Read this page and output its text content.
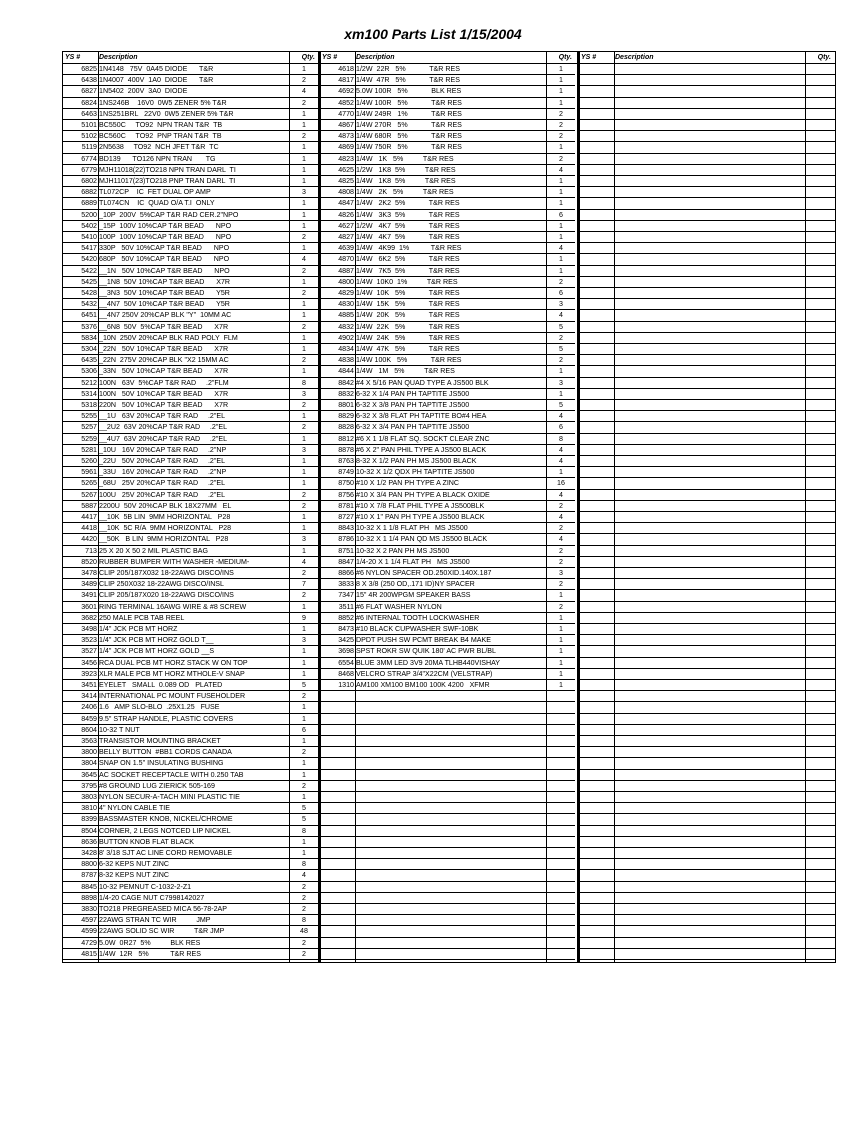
xm100 Parts List 1/15/2004
YS #	Description	Qty.
6825 1N4148   75V  0A45 DIODE      T&R	1
6438 1N4007  400V  1A0  DIODE      T&R	2
6827 1N5402  200V  3A0  DIODE	4
6824 1NS246B    16V0  0W5 ZENER 5% T&R	2
6463 1NS251BRL   22V0  0W5 ZENER 5% T&R	1
5101 BC550C     TO92  NPN TRAN T&R  TB	1
5102 BC560C     TO92  PNP TRAN T&R  TB	2
5119 2N5638     TO92  NCH JFET T&R  TC	1
6774 BD139      TO126 NPN TRAN       TG	1
6779 MJH11018(22)TO218 NPN TRAN DARL  TI	1
6802 MJH11017(23)TO218 PNP TRAN DARL  TI	1
6882 TL072CP    IC  FET DUAL OP AMP	3
6889 TL074CN    IC  QUAD O/A T.I  ONLY	1
5200 _10P  200V  5%CAP T&R RAD CER.2"NPO	1
5402 _15P  100V 10%CAP T&R BEAD      NPO	1
5410 100P  100V 10%CAP T&R BEAD      NPO	2
5417 330P   50V 10%CAP T&R BEAD      NPO	1
5420 680P   50V 10%CAP T&R BEAD      NPO	4
5422 __1N   50V 10%CAP T&R BEAD      NPO	2
5425 __1N8  50V 10%CAP T&R BEAD      X7R	1
5428 __3N3  50V 10%CAP T&R BEAD      Y5R	2
5432 __4N7  50V 10%CAP T&R BEAD      Y5R	1
6451 __4N7 250V 20%CAP BLK "Y"  10MM AC	1
5376 __6N8  50V  5%CAP T&R BEAD      X7R	2
5834 _10N  250V 20%CAP BLK RAD POLY  FLM	1
5304 _22N   50V 10%CAP T&R BEAD      X7R	1
6435 _22N  275V 20%CAP BLK "X2 15MM AC	2
5306 _33N   50V 10%CAP T&R BEAD      X7R	1
5212 100N   63V  5%CAP T&R RAD     .2"FLM	8
5314 100N   50V 10%CAP T&R BEAD      X7R	3
5318 220N   50V 10%CAP T&R BEAD      X7R	2
5255 __1U   63V 20%CAP T&R RAD     .2"EL	1
5257 __2U2  63V 20%CAP T&R RAD     .2"EL	2
5259 __4U7  63V 20%CAP T&R RAD     .2"EL	1
5281 _10U   16V 20%CAP T&R RAD     .2"NP	3
5260 _22U   50V 20%CAP T&R RAD     .2"EL	1
5961 _33U   16V 20%CAP T&R RAD     .2"NP	1
5265 _68U   25V 20%CAP T&R RAD     .2"EL	1
5267 100U   25V 20%CAP T&R RAD     .2"EL	2
5887 2200U  50V 20%CAP BLK 18X27MM   EL	2
4417 __10K  5B LIN  9MM HORIZONTAL   P28	1
4418 __10K  5C R/A  9MM HORIZONTAL   P28	1
4420 __50K   B LIN  9MM HORIZONTAL   P28	3
713 25 X 20 X 50 2 MIL PLASTIC BAG	1
8520 RUBBER BUMPER WITH WASHER -MEDIUM-	4
3478 CLIP 205/187X032 18-22AWG DISCO/INS	2
3489 CLIP 250X032 18-22AWG DISCO/INSL	7
3491 CLIP 205/187X020 18-22AWG DISCO/INS	2
3601 RING TERMINAL 16AWG WIRE & #8 SCREW	1
3682 250 MALE PCB TAB REEL	9
3498 1/4" JCK PCB MT HORZ	1
3523 1/4" JCK PCB MT HORZ GOLD T__	3
3527 1/4" JCK PCB MT HORZ GOLD __S	1
3456 RCA DUAL PCB MT HORZ STACK W ON TOP	1
3923 XLR MALE PCB MT HORZ MTHOLE-V SNAP	1
3451 EYELET   SMALL  0.089 OD   PLATED	5
3414 INTERNATIONAL PC MOUNT FUSEHOLDER	2
2406 1.6   AMP SLO-BLO  .25X1.25   FUSE	1
8459 9.5" STRAP HANDLE, PLASTIC COVERS	1
8604 10-32 T NUT	6
3563 TRANSISTOR MOUNTING BRACKET	1
3800 BELLY BUTTON  #BB1 CORDS CANADA	2
3804 SNAP ON 1.5" INSULATING BUSHING	1
3645 AC SOCKET RECEPTACLE WITH 0.250 TAB	1
3795 #8 GROUND LUG ZIERICK 505-169	2
3803 NYLON SECUR-A-TACH MINI PLASTIC TIE	1
3810 4" NYLON CABLE TIE	5
8399 BASSMASTER KNOB, NICKEL/CHROME	5
8504 CORNER, 2 LEGS NOTCED LIP NICKEL	8
8636 BUTTON KNOB FLAT BLACK	1
3428 8' 3/18 SJT AC LINE CORD REMOVABLE	1
8800 6-32 KEPS NUT ZINC	8
8787 8-32 KEPS NUT ZINC	4
8845 10-32 PEMNUT C-1032-2-Z1	2
8898 1/4-20 CAGE NUT C7998142027	2
3830 TO218 PREGREASED MICA 56-78-2AP	2
4597 22AWG STRAN TC WIR          JMP	8
4599 22AWG SOLID SC WIR          T&R JMP	48
4729 5.0W  0R27  5%          BLK RES	2
4815 1/4W  12R   5%           T&R RES	2
YS #	Description	Qty.
4618 1/2W  22R   5%            T&R RES	1
4817 1/4W  47R   5%            T&R RES	1
4692 5.0W 100R   5%            BLK RES	1
4852 1/4W 100R   5%            T&R RES	1
4770 1/4W 249R   1%            T&R RES	2
4867 1/4W 270R   5%            T&R RES	2
4873 1/4W 680R   5%            T&R RES	2
4869 1/4W 750R   5%            T&R RES	1
4823 1/4W   1K   5%          T&R RES	2
4625 1/2W   1K8  5%          T&R RES	4
4825 1/4W   1K8  5%          T&R RES	1
4808 1/4W   2K   5%          T&R RES	1
4847 1/4W   2K2  5%            T&R RES	1
4826 1/4W   3K3  5%            T&R RES	6
4627 1/2W   4K7  5%            T&R RES	1
4827 1/4W   4K7  5%            T&R RES	1
4639 1/4W   4K99  1%           T&R RES	4
4870 1/4W   6K2  5%            T&R RES	1
4887 1/4W   7K5  5%            T&R RES	1
4800 1/4W  10K0  1%          T&R RES	2
4829 1/4W  10K   5%            T&R RES	6
4830 1/4W  15K   5%            T&R RES	3
4885 1/4W  20K   5%            T&R RES	4
4832 1/4W  22K   5%            T&R RES	5
4902 1/4W  24K   5%            T&R RES	2
4834 1/4W  47K   5%            T&R RES	5
4838 1/4W 100K   5%            T&R RES	2
4844 1/4W   1M   5%          T&R RES	1
8842 #4 X 5/16 PAN QUAD TYPE A JS500 BLK	3
8832 6-32 X 1/4 PAN PH TAPTITE JS500	1
8801 6-32 X 3/8 PAN PH TAPTITE JS500	5
8829 6-32 X 3/8 FLAT PH TAPTITE BO#4 HEA	4
8828 6-32 X 3/4 PAN PH TAPTITE JS500	6
8812 #6 X 1 1/8 FLAT SQ. SOCKT CLEAR ZNC	8
8878 #6 X 2" PAN PHIL TYPE A JS500 BLACK	4
8763 8-32 X 1/2 PAN PH MS JS500 BLACK	4
8749 10-32 X 1/2 QDX PH TAPTITE JS500	1
8750 #10 X 1/2 PAN PH TYPE A ZINC	16
8756 #10 X 3/4 PAN PH TYPE A BLACK OXIDE	4
8781 #10 X 7/8 FLAT PHIL TYPE A JS500BLK	2
8727 #10 X 1" PAN PH TYPE A JS500 BLACK	4
8843 10-32 X 1 1/8 FLAT PH   MS JS500	2
8786 10-32 X 1 1/4 PAN QD MS JS500 BLACK	4
8751 10-32 X 2 PAN PH MS JS500	2
8847 1/4-20 X 1 1/4 FLAT PH   MS JS500	2
8866 #6 NYLON SPACER OD.250XID.140X.187	3
3833 8 X 3/8 (250 OD,.171 ID)NY SPACER	2
7347 15" 4R 200WPGM SPEAKER BASS	1
3511 #6 FLAT WASHER NYLON	2
8852 #6 INTERNAL TOOTH LOCKWASHER	1
8473 #10 BLACK CUPWASHER SWF-10BK	1
3425 DPDT PUSH SW PCMT BREAK B4 MAKE	1
3698 SPST ROKR SW QUIK 180' AC PWR BL/BL	1
6554 BLUE 3MM LED 3V9 20MA TLHB440VISHAY	1
8468 VELCRO STRAP 3/4"X22CM (VELSTRAP)	1
1310 AM100 XM100 BM100 100K 4200   XFMR	1
YS #	Description	Qty.
